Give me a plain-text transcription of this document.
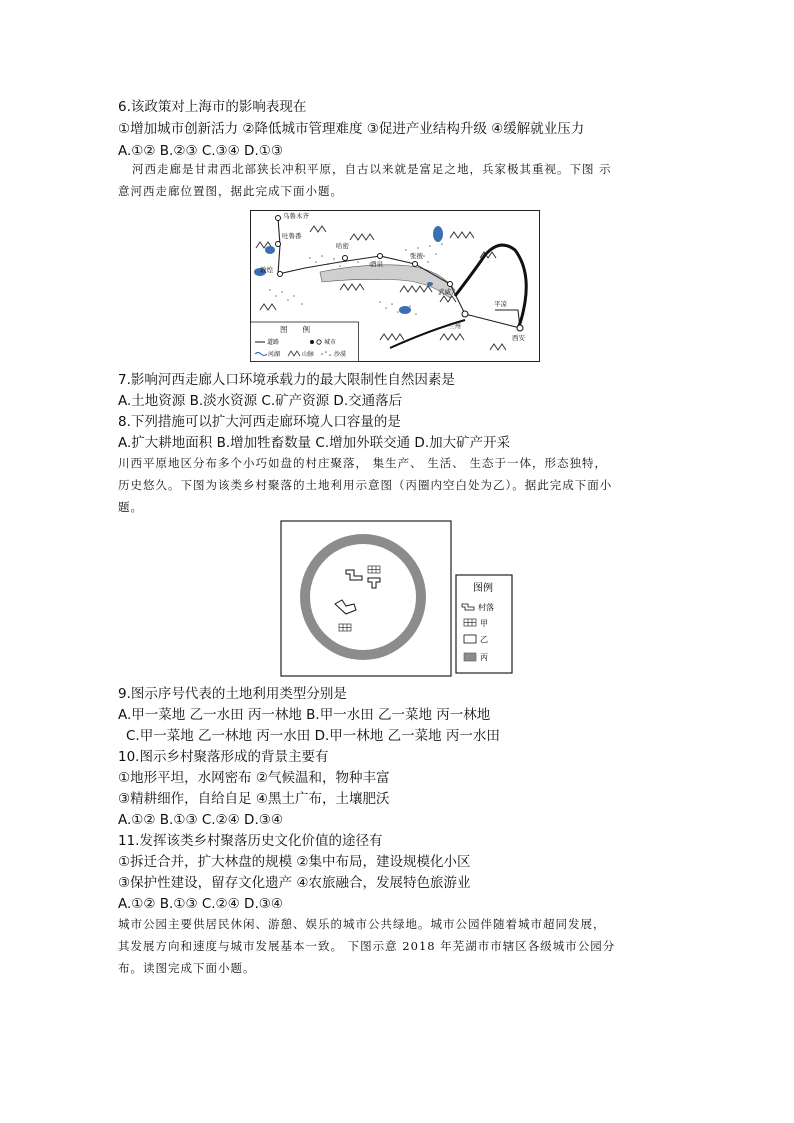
6.该政策对上海市的影响表现在
①增加城市创新活力 ②降低城市管理难度 ③促进产业结构升级 ④缓解就业压力
A.①② B.②③ C.③④ D.①③
河西走廊是甘肃西北部狭长冲积平原，自古以来就是富足之地，兵家极其重视。下图 示
意河西走廊位置图，据此完成下面小题。
乌鲁木齐
吐鲁番
哈密
敦煌
酒泉
张掖
武威
兰州
平凉
西安
图　　例
道路	城市
河湖	山脉	沙漠
7.影响河西走廊人口环境承载力的最大限制性自然因素是
A.土地资源 B.淡水资源 C.矿产资源 D.交通落后
8.下列措施可以扩大河西走廊环境人口容量的是
A.扩大耕地面积 B.增加牲畜数量 C.增加外联交通 D.加大矿产开采
川西平原地区分布多个小巧如盘的村庄聚落， 集生产、 生活、 生态于一体，形态独特，
历史悠久。下图为该类乡村聚落的土地利用示意图（丙圈内空白处为乙）。据此完成下面小
题。
图例
村落
甲
乙
丙
9.图示序号代表的土地利用类型分别是
A.甲一菜地 乙一水田 丙一林地 B.甲一水田 乙一菜地 丙一林地
C.甲一菜地 乙一林地 丙一水田 D.甲一林地 乙一菜地 丙一水田
10.图示乡村聚落形成的背景主要有
①地形平坦，水网密布 ②气候温和，物种丰富
③精耕细作，自给自足 ④黑土广布，土壤肥沃
A.①② B.①③ C.②④ D.③④
11.发挥该类乡村聚落历史文化价值的途径有
①拆迁合并，扩大林盘的规模 ②集中布局，建设规模化小区
③保护性建设，留存文化遗产 ④农旅融合，发展特色旅游业
A.①② B.①③ C.②④ D.③④
城市公园主要供居民休闲、游憩、娱乐的城市公共绿地。城市公园伴随着城市超同发展，
其发展方向和速度与城市发展基本一致。 下图示意 2018 年芜湖市市辖区各级城市公园分
布。读图完成下面小题。
